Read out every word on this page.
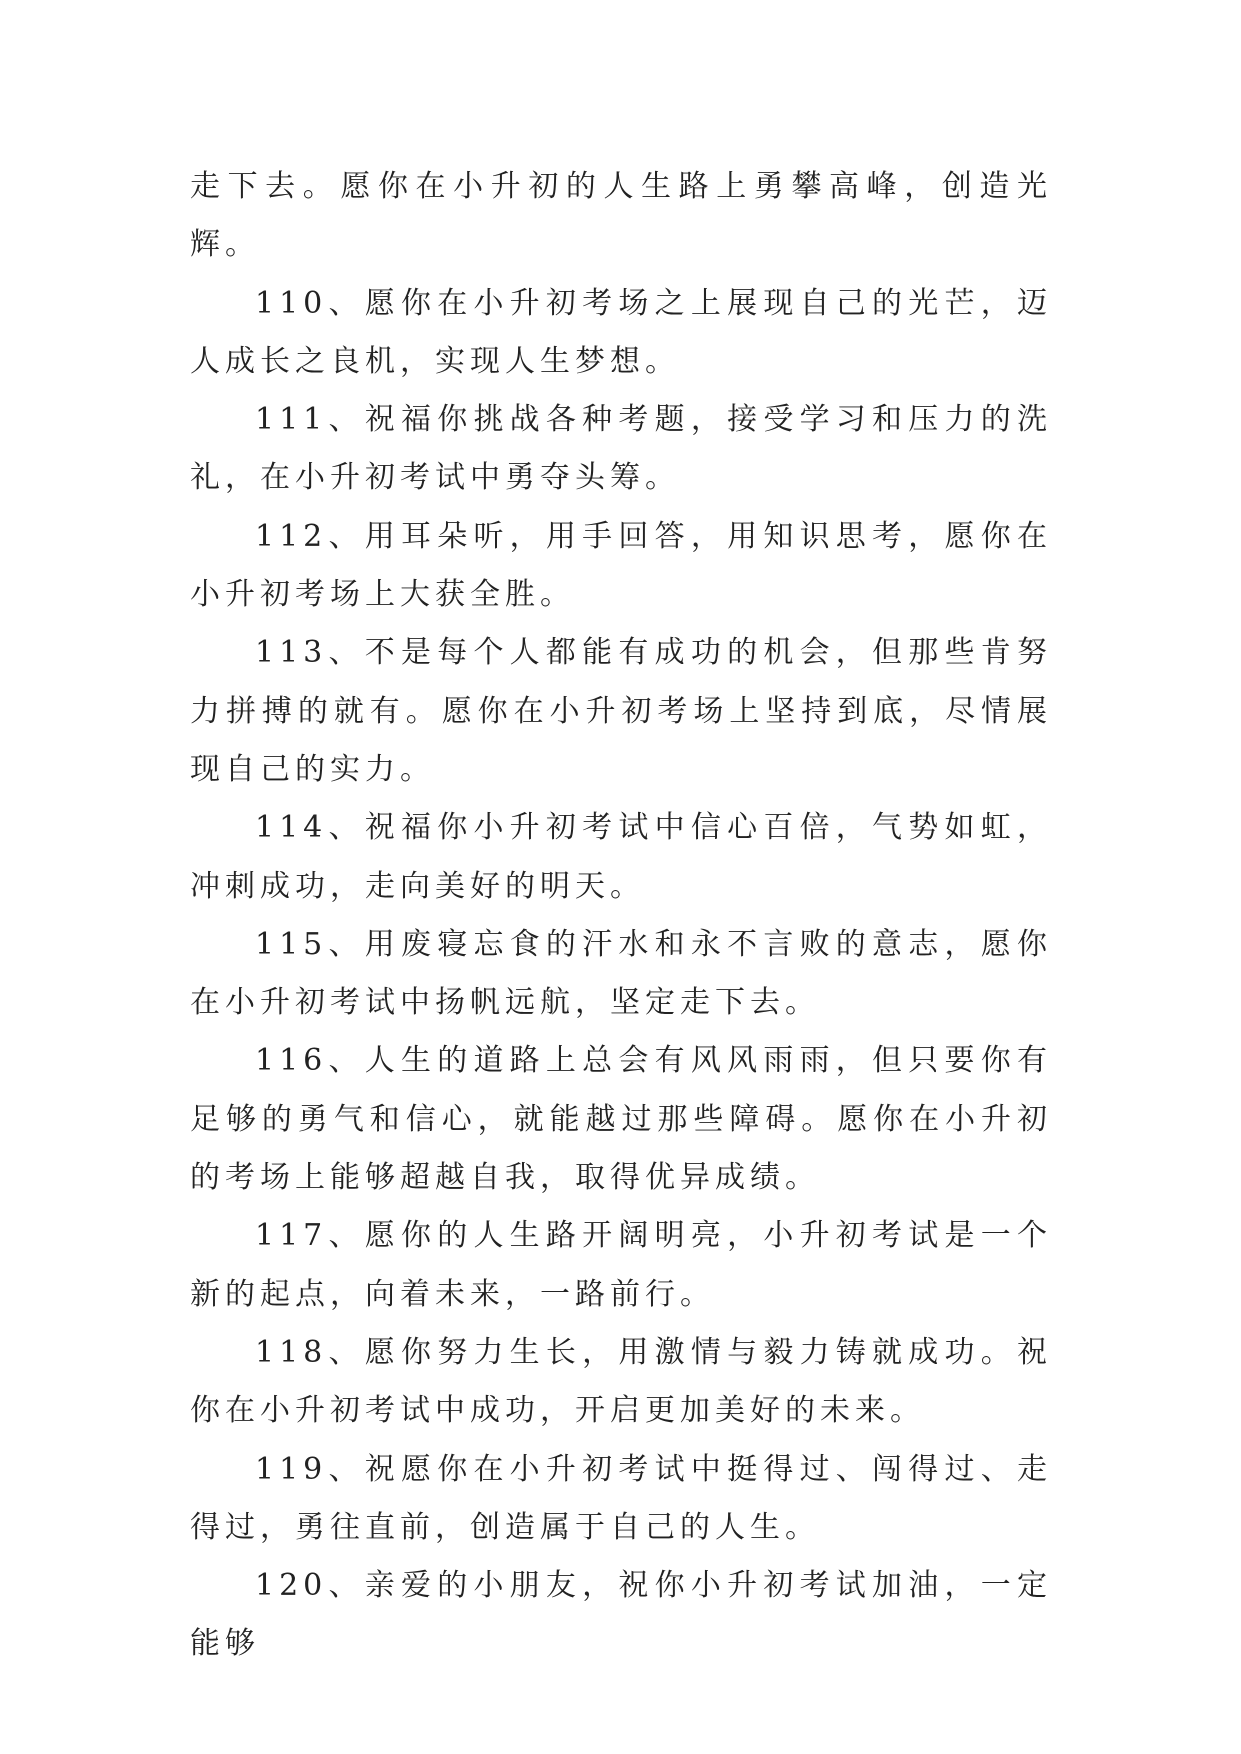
走下去。愿你在小升初的人生路上勇攀高峰，创造光辉。

110、愿你在小升初考场之上展现自己的光芒，迈人成长之良机，实现人生梦想。

111、祝福你挑战各种考题，接受学习和压力的洗礼，在小升初考试中勇夺头筹。

112、用耳朵听，用手回答，用知识思考，愿你在小升初考场上大获全胜。

113、不是每个人都能有成功的机会，但那些肯努力拼搏的就有。愿你在小升初考场上坚持到底，尽情展现自己的实力。

114、祝福你小升初考试中信心百倍，气势如虹，冲刺成功，走向美好的明天。

115、用废寝忘食的汗水和永不言败的意志，愿你在小升初考试中扬帆远航，坚定走下去。

116、人生的道路上总会有风风雨雨，但只要你有足够的勇气和信心，就能越过那些障碍。愿你在小升初的考场上能够超越自我，取得优异成绩。

117、愿你的人生路开阔明亮，小升初考试是一个新的起点，向着未来，一路前行。

118、愿你努力生长，用激情与毅力铸就成功。祝你在小升初考试中成功，开启更加美好的未来。

119、祝愿你在小升初考试中挺得过、闯得过、走得过，勇往直前，创造属于自己的人生。

120、亲爱的小朋友，祝你小升初考试加油，一定能够
